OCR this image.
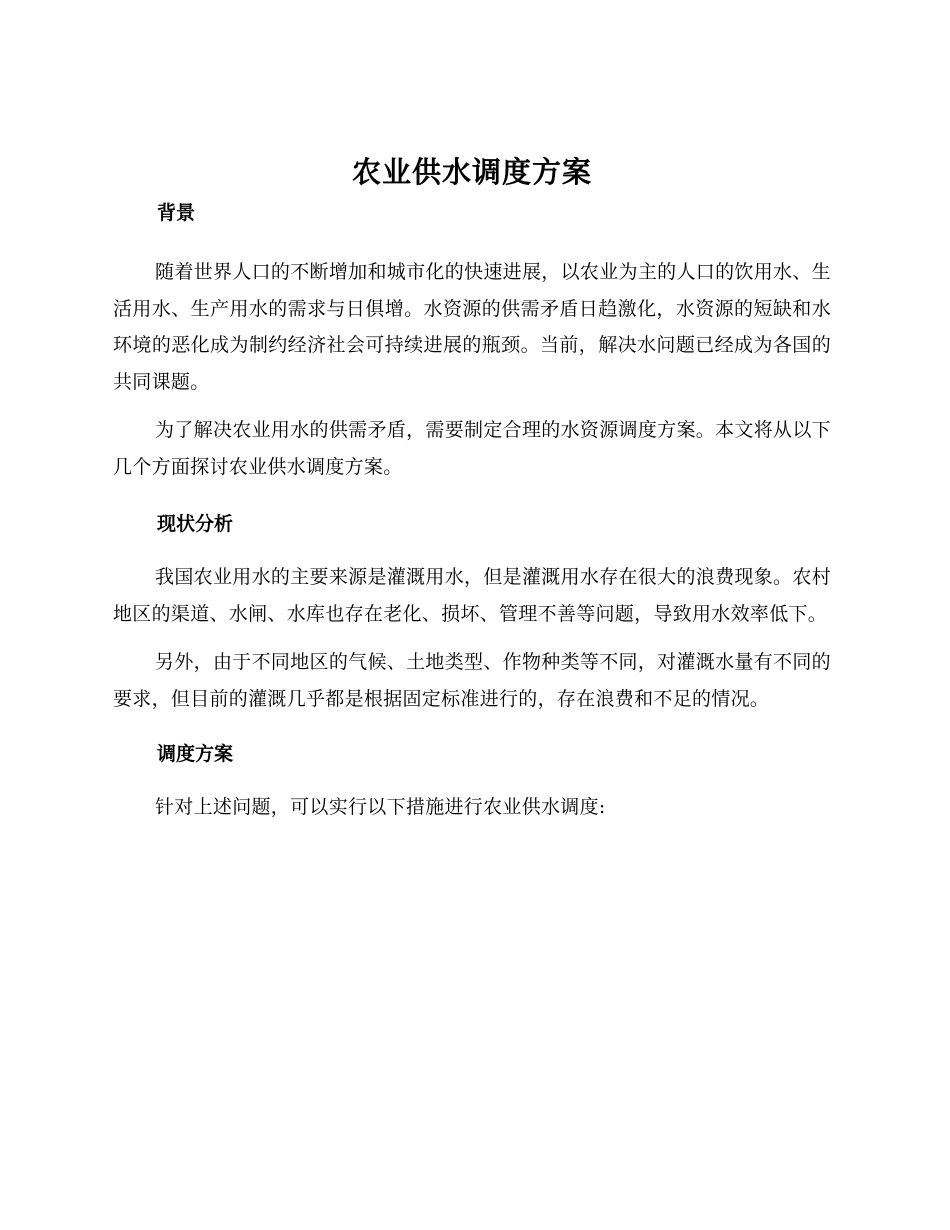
农业供水调度方案
背景

随着世界人口的不断增加和城市化的快速进展，以农业为主的人口的饮用水、生活用水、生产用水的需求与日俱增。水资源的供需矛盾日趋激化，水资源的短缺和水环境的恶化成为制约经济社会可持续进展的瓶颈。当前，解决水问题已经成为各国的共同课题。

为了解决农业用水的供需矛盾，需要制定合理的水资源调度方案。本文将从以下几个方面探讨农业供水调度方案。

现状分析

我国农业用水的主要来源是灌溉用水，但是灌溉用水存在很大的浪费现象。农村地区的渠道、水闸、水库也存在老化、损坏、管理不善等问题，导致用水效率低下。

另外，由于不同地区的气候、土地类型、作物种类等不同，对灌溉水量有不同的要求，但目前的灌溉几乎都是根据固定标准进行的，存在浪费和不足的情况。

调度方案

针对上述问题，可以实行以下措施进行农业供水调度:
